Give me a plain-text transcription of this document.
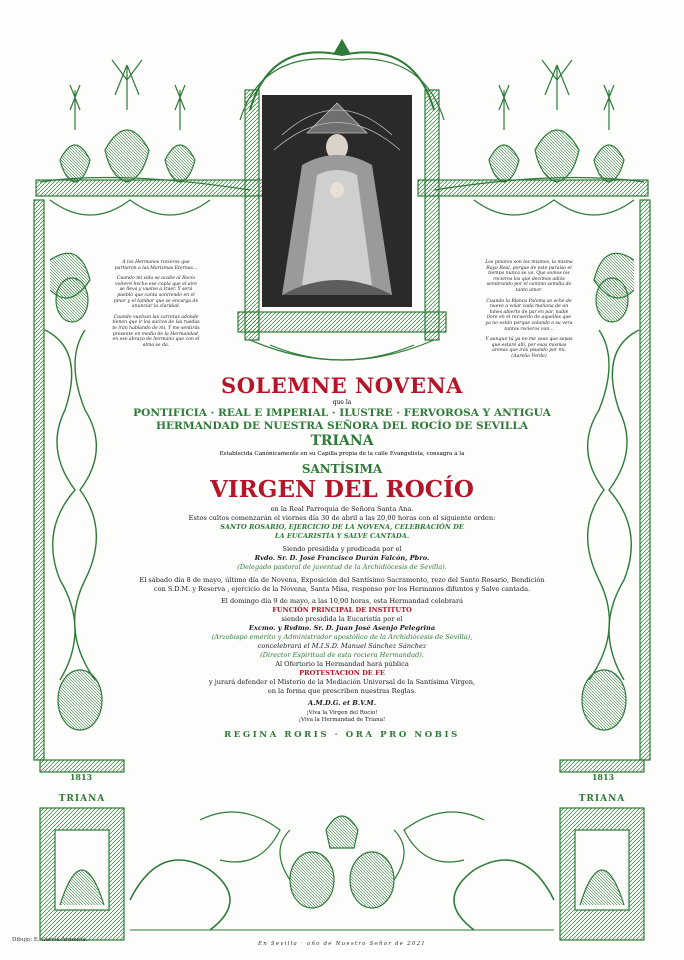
A los Hermanos rocieros que partieron a las Marismas Eternas...

Cuando mi vida se acabe al Rocío volveré hecho ese copla que el aire se lleva y vuelve a traer. Y será pueblo que canta sonriendo en el pinar y el tambor que se encarga de anunciar la claridad.

Cuando vuelvan las carretas adonde tienen que ir los surcos de las ruedas te irán hablando de mí. Y me sentirás presente en medio de la Hermandad, en ese abrazo de hermano que con el alma se da.

Los pinares son los mismos, la misma Raya Real, porque de este paraíso el tiempo nunca se va. Que somos los rocieros los que decimos adiós sembrando por el camino semilla de tanto amor.

Cuando la Blanca Paloma se eche de nuevo a volar cada mañana de un lunes abierto de par en par, nadie llore en el recuerdo de aquellos que ya no están porque volando a su vera tantos rocieros van...

Y aunque tú ya no me veas que sepas que estaré allí, por esas mismas arenas que irás pisando por mí. (Aurelio Verde)

SOLEMNE NOVENA
que la
PONTIFICIA · REAL E IMPERIAL · ILUSTRE · FERVOROSA Y ANTIGUA
HERMANDAD DE NUESTRA SEÑORA DEL ROCÍO DE SEVILLA
TRIANA
Establecida Canónicamente en su Capilla propia de la calle Evangelista, consagra a la
SANTÍSIMA
VIRGEN DEL ROCÍO
en la Real Parroquia de Señora Santa Ana.
Estos cultos comenzarán el viernes día 30 de abril a las 20,00 horas con el siguiente orden:
SANTO ROSARIO, EJERCICIO DE LA NOVENA, CELEBRACIÓN DE
LA EUCARISTÍA Y SALVE CANTADA.
Siendo presidida y predicada por el
Rvdo. Sr. D. José Francisco Durán Falcón, Pbro.
(Delegado pastoral de juventud de la Archidiócesis de Sevilla).
El sábado día 8 de mayo, último día de Novena, Exposición del Santísimo Sacramento, rezo del Santo Rosario, Bendición
con S.D.M. y Reserva , ejercicio de la Novena, Santa Misa, responso por los Hermanos difuntos y Salve cantada.
El domingo día 9 de mayo, a las 10,00 horas, esta Hermandad celebrará
FUNCIÓN PRINCIPAL DE INSTITUTO
siendo presidida la Eucaristía por el
Excmo. y Rvdmo. Sr. D. Juan José Asenjo Pelegrina
(Arzobispo emérito y Administrador apostólico de la Archidiócesis de Sevilla),
concelebrará el M.I.S.D. Manuel Sánchez Sánchez
(Director Espiritual de esta rociera Hermandad).
Al Ofertorio la Hermandad hará pública
PROTESTACION DE FE
y jurará defender el Misterio de la Mediación Universal de la Santísima Virgen,
en la forma que prescriben nuestras Reglas.
A.M.D.G. et B.V.M.
¡Viva la Virgen del Rocío!
¡Viva la Hermandad de Triana!
REGINA RORIS · ORA PRO NOBIS
1813	1813
TRIANA	TRIANA
Dibujo: E. García Armenta.
En Sevilla · año de Nuestro Señor de 2021
